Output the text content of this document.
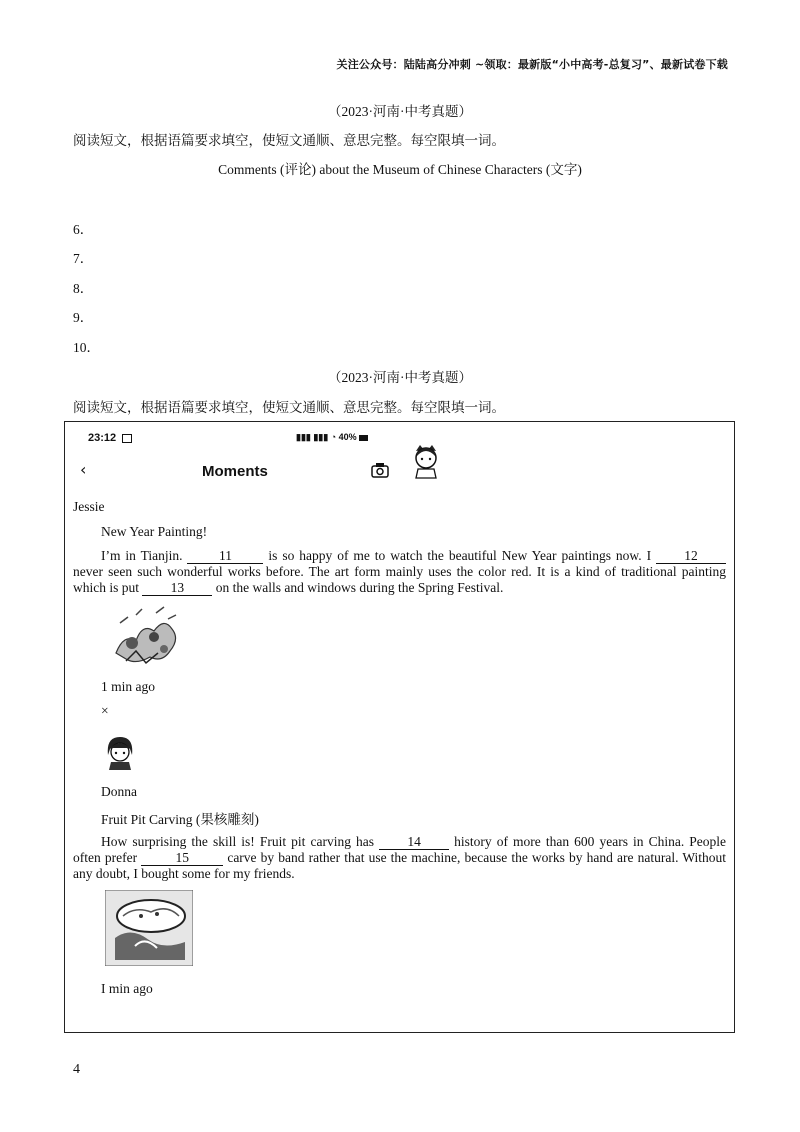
关注公众号：陆陆高分冲刺 ~领取：最新版“小中高考-总复习”、最新试卷下载
（2023·河南·中考真题）
阅读短文，根据语篇要求填空，使短文通顺、意思完整。每空限填一词。
Comments (评论) about the Museum of Chinese Characters (文字)
6．
7．
8．
9．
10．
（2023·河南·中考真题）
阅读短文，根据语篇要求填空，使短文通顺、意思完整。每空限填一词。
23:12	▮▮▮ ▮▮▮ ◔ 40%
‹	Moments
Jessie
New Year Painting!
I’m in Tianjin.	11	is so happy of me to watch the beautiful New Year paintings now. I 12 never seen such wonderful works before. The art form mainly uses the color red. It is a kind of traditional painting which is put 13 on the walls and windows during the Spring Festival.
1 min ago
×
Donna
Fruit Pit Carving (果核雕刻)
How surprising the skill is! Fruit pit carving has 14 history of more than 600 years in China. People often prefer	15	carve by band rather that use the machine, because the works by hand are natural. Without any doubt, I bought some for my friends.
I min ago
4
